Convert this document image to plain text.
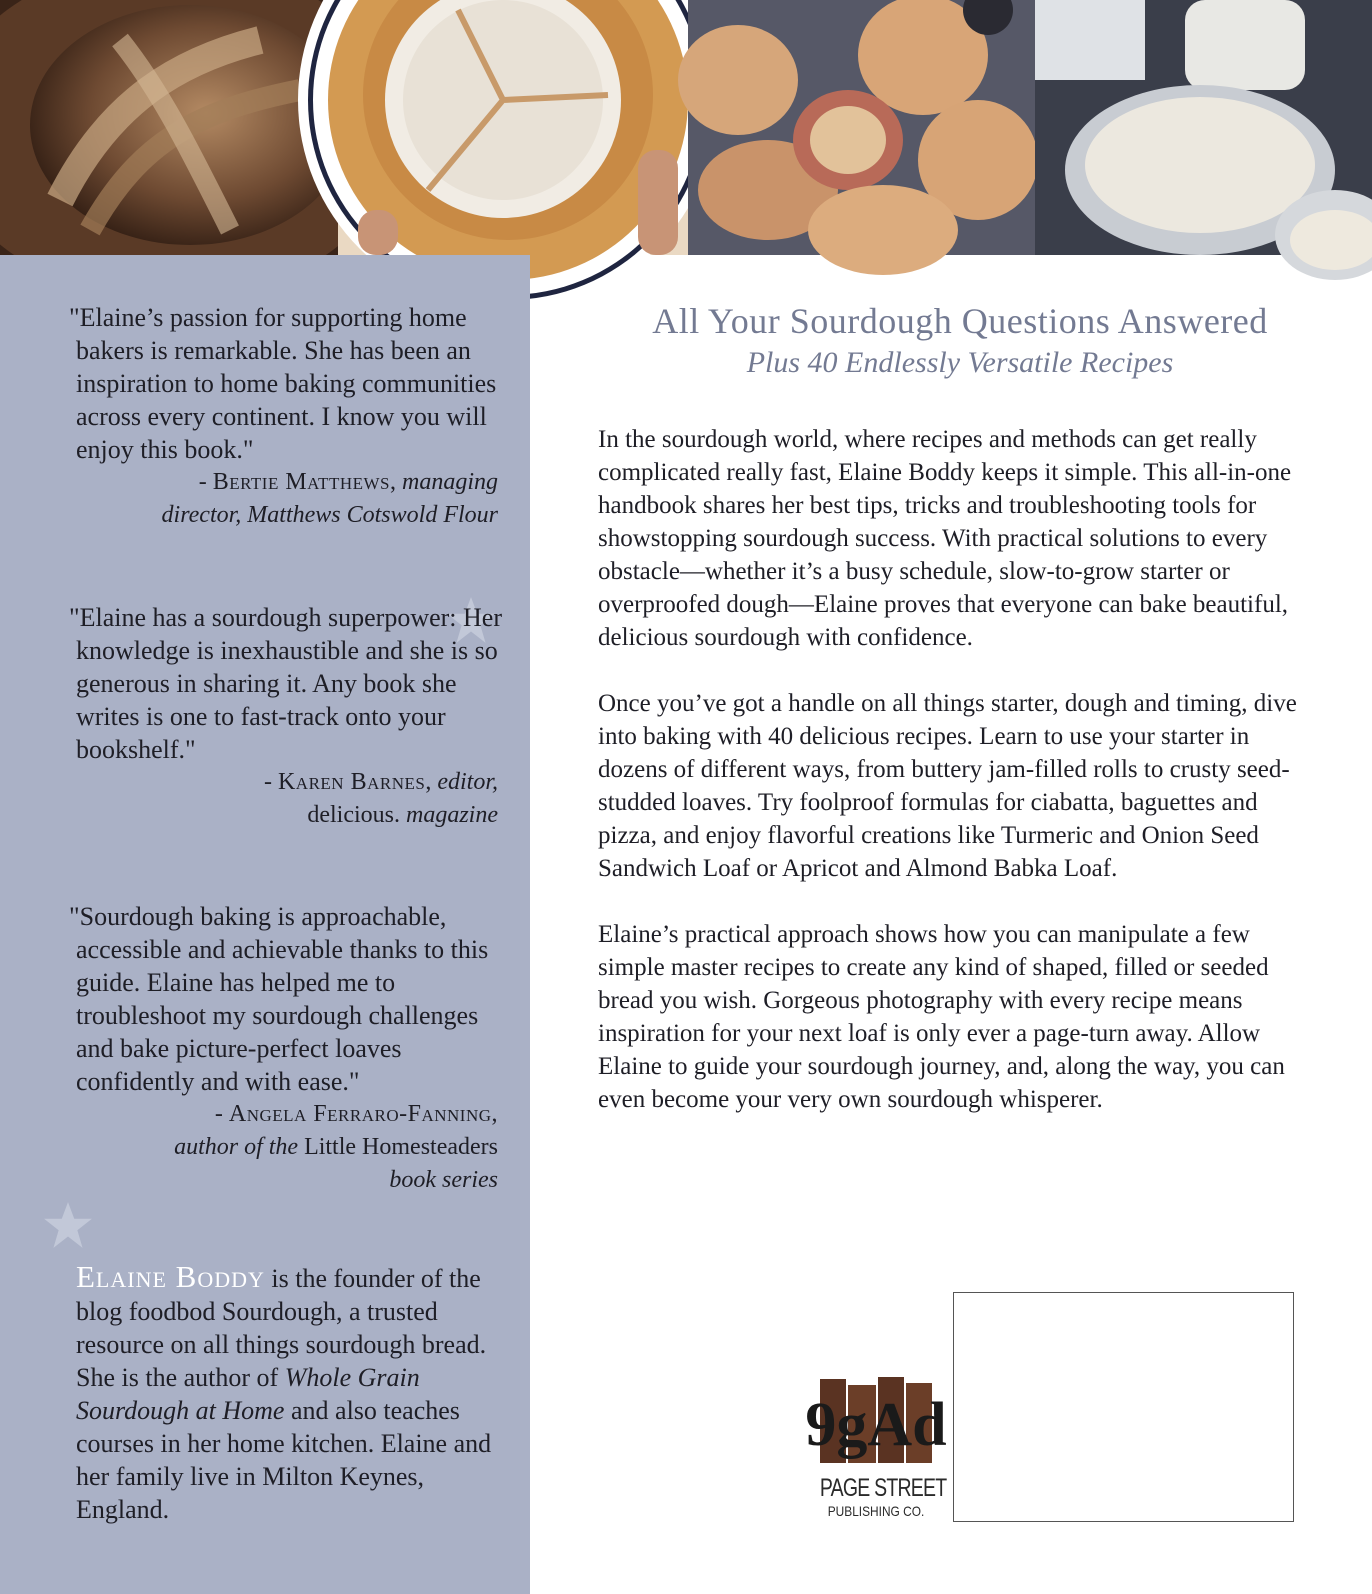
"Elaine’s passion for supporting home bakers is remarkable. She has been an inspiration to home baking communities across every continent. I know you will enjoy this book."
- Bertie Matthews, managing
director, Matthews Cotswold Flour
"Elaine has a sourdough superpower: Her knowledge is inexhaustible and she is so generous in sharing it. Any book she writes is one to fast-track onto your bookshelf."
- Karen Barnes, editor,
delicious. magazine
"Sourdough baking is approachable, accessible and achievable thanks to this guide. Elaine has helped me to troubleshoot my sourdough challenges and bake picture-perfect loaves confidently and with ease."
- Angela Ferraro-Fanning,
author of the Little Homesteaders
book series
Elaine Boddy is the founder of the blog foodbod Sourdough, a trusted resource on all things sourdough bread. She is the author of Whole Grain Sourdough at Home and also teaches courses in her home kitchen. Elaine and her family live in Milton Keynes, England.
All Your Sourdough Questions Answered
Plus 40 Endlessly Versatile Recipes

In the sourdough world, where recipes and methods can get really complicated really fast, Elaine Boddy keeps it simple. This all-in-one handbook shares her best tips, tricks and troubleshooting tools for showstopping sourdough success. With practical solutions to every obstacle—whether it’s a busy schedule, slow-to-grow starter or overproofed dough—Elaine proves that everyone can bake beautiful, delicious sourdough with confidence.

Once you’ve got a handle on all things starter, dough and timing, dive into baking with 40 delicious recipes. Learn to use your starter in dozens of different ways, from buttery jam-filled rolls to crusty seed-studded loaves. Try foolproof formulas for ciabatta, baguettes and pizza, and enjoy flavorful creations like Turmeric and Onion Seed Sandwich Loaf or Apricot and Almond Babka Loaf.

Elaine’s practical approach shows how you can manipulate a few simple master recipes to create any kind of shaped, filled or seeded bread you wish. Gorgeous photography with every recipe means inspiration for your next loaf is only ever a page-turn away. Allow Elaine to guide your sourdough journey, and, along the way, you can even become your very own sourdough whisperer.

9gAd
PAGE STREET
PUBLISHING CO.
